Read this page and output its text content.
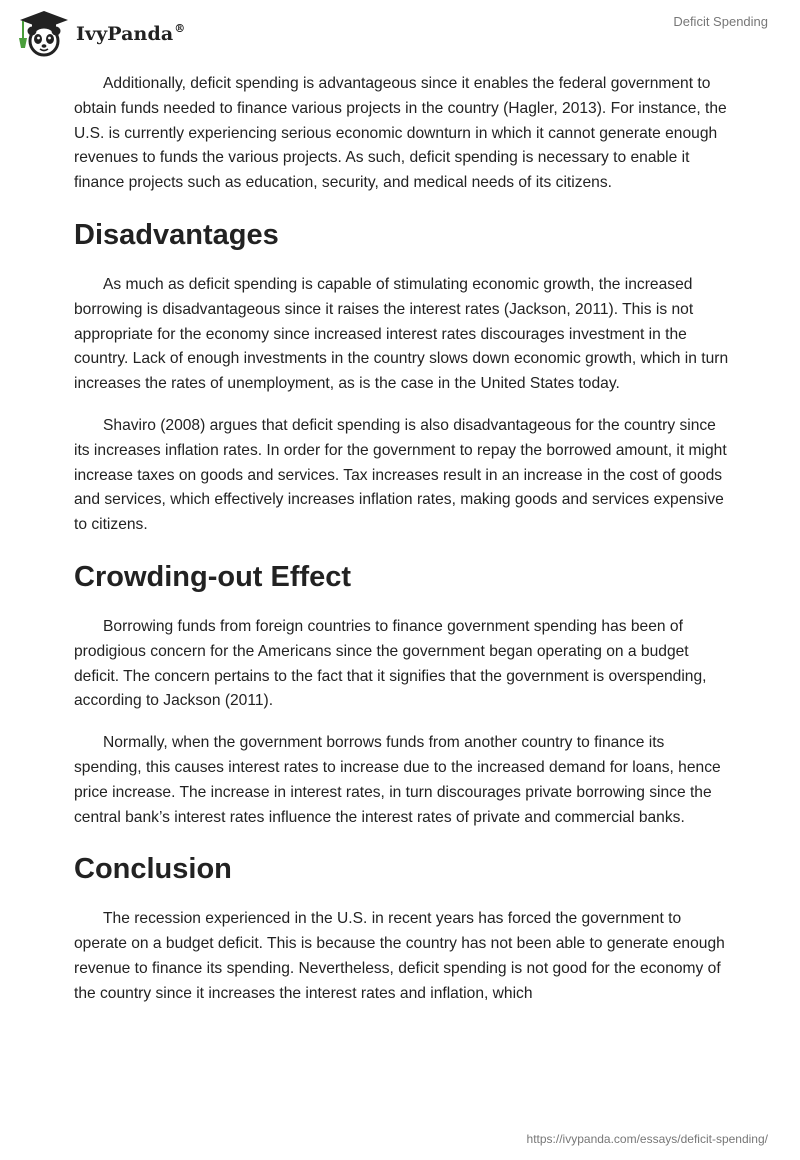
IvyPanda®	Deficit Spending

Additionally, deficit spending is advantageous since it enables the federal government to obtain funds needed to finance various projects in the country (Hagler, 2013). For instance, the U.S. is currently experiencing serious economic downturn in which it cannot generate enough revenues to funds the various projects. As such, deficit spending is necessary to enable it finance projects such as education, security, and medical needs of its citizens.

Disadvantages

As much as deficit spending is capable of stimulating economic growth, the increased borrowing is disadvantageous since it raises the interest rates (Jackson, 2011). This is not appropriate for the economy since increased interest rates discourages investment in the country. Lack of enough investments in the country slows down economic growth, which in turn increases the rates of unemployment, as is the case in the United States today.

Shaviro (2008) argues that deficit spending is also disadvantageous for the country since its increases inflation rates. In order for the government to repay the borrowed amount, it might increase taxes on goods and services. Tax increases result in an increase in the cost of goods and services, which effectively increases inflation rates, making goods and services expensive to citizens.

Crowding-out Effect

Borrowing funds from foreign countries to finance government spending has been of prodigious concern for the Americans since the government began operating on a budget deficit. The concern pertains to the fact that it signifies that the government is overspending, according to Jackson (2011).

Normally, when the government borrows funds from another country to finance its spending, this causes interest rates to increase due to the increased demand for loans, hence price increase. The increase in interest rates, in turn discourages private borrowing since the central bank’s interest rates influence the interest rates of private and commercial banks.

Conclusion

The recession experienced in the U.S. in recent years has forced the government to operate on a budget deficit. This is because the country has not been able to generate enough revenue to finance its spending. Nevertheless, deficit spending is not good for the economy of the country since it increases the interest rates and inflation, which

https://ivypanda.com/essays/deficit-spending/
